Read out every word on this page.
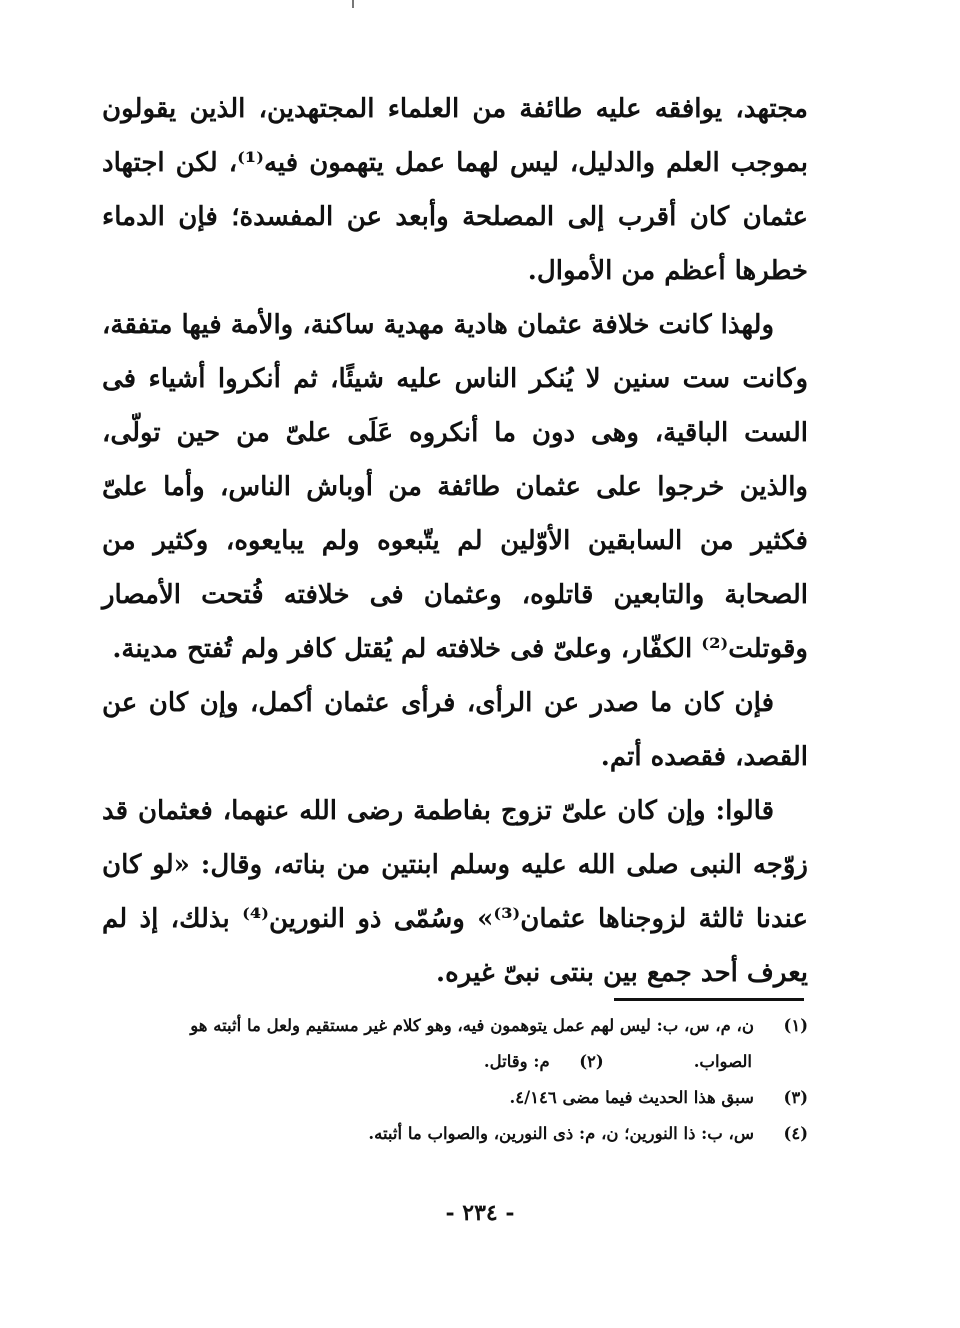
مجتهد، يوافقه عليه طائفة من العلماء المجتهدين، الذين يقولون بموجب العلم والدليل، ليس لهما عمل يتهمون فيه⁽¹⁾، لكن اجتهاد عثمان كان أقرب إلى المصلحة وأبعد عن المفسدة؛ فإن الدماء خطرها أعظم من الأموال.

ولهذا كانت خلافة عثمان هادية مهدية ساكنة، والأمة فيها متفقة، وكانت ست سنين لا يُنكر الناس عليه شيئًا، ثم أنكروا أشياء فى الست الباقية، وهى دون ما أنكروه عَلَى علىّ من حين تولّى، والذين خرجوا على عثمان طائفة من أوباش الناس، وأما علىّ فكثير من السابقين الأوّلين لم يتّبعوه ولم يبايعوه، وكثير من الصحابة والتابعين قاتلوه، وعثمان فى خلافته فُتحت الأمصار وقوتلت⁽²⁾ الكفّار، وعلىّ فى خلافته لم يُقتل كافر ولم تُفتح مدينة.

فإن كان ما صدر عن الرأى، فرأى عثمان أكمل، وإن كان عن القصد، فقصده أتم.

قالوا: وإن كان علىّ تزوج بفاطمة رضى الله عنهما، فعثمان قد زوّجه النبى صلى الله عليه وسلم ابنتين من بناته، وقال: «لو كان عندنا ثالثة لزوجناها عثمان⁽³⁾» وسُمّى ذو النورين⁽⁴⁾ بذلك، إذ لم يعرف أحد جمع بين بنتى نبىّ غيره.

(١)ن، م، س، ب: ليس لهم عمل يتوهمون فيه، وهو كلام غير مستقيم ولعل ما أثبته هو

الصواب.(٢)م: وقاتل.

(٣)سبق هذا الحديث فيما مضى ٤/١٤٦.

(٤)س، ب: ذا النورين؛ ن، م: ذى النورين، والصواب ما أثبته.

- ٢٣٤ -
